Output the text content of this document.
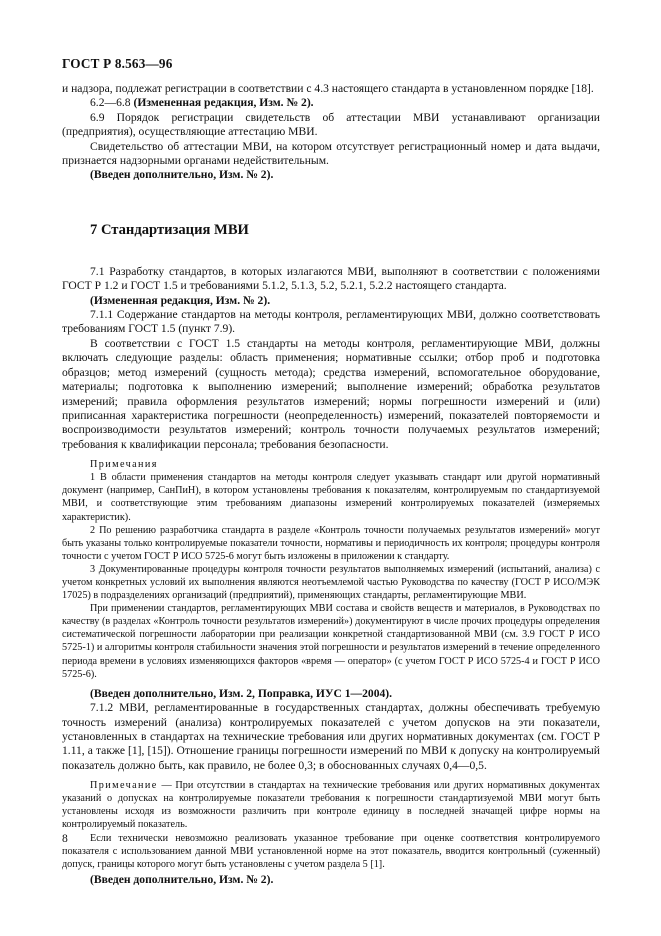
ГОСТ Р 8.563—96

и надзора, подлежат регистрации в соответствии с 4.3 настоящего стандарта в установленном порядке [18].

6.2—6.8 (Измененная редакция, Изм. № 2).

6.9 Порядок регистрации свидетельств об аттестации МВИ устанавливают организации (предприятия), осуществляющие аттестацию МВИ.

Свидетельство об аттестации МВИ, на котором отсутствует регистрационный номер и дата выдачи, признается надзорными органами недействительным.

(Введен дополнительно, Изм. № 2).

7 Стандартизация МВИ

7.1 Разработку стандартов, в которых излагаются МВИ, выполняют в соответствии с положениями ГОСТ Р 1.2 и ГОСТ 1.5 и требованиями 5.1.2, 5.1.3, 5.2, 5.2.1, 5.2.2 настоящего стандарта.

(Измененная редакция, Изм. № 2).

7.1.1 Содержание стандартов на методы контроля, регламентирующих МВИ, должно соответствовать требованиям ГОСТ 1.5 (пункт 7.9).

В соответствии с ГОСТ 1.5 стандарты на методы контроля, регламентирующие МВИ, должны включать следующие разделы: область применения; нормативные ссылки; отбор проб и подготовка образцов; метод измерений (сущность метода); средства измерений, вспомогательное оборудование, материалы; подготовка к выполнению измерений; выполнение измерений; обработка результатов измерений; правила оформления результатов измерений; нормы погрешности измерений и (или) приписанная характеристика погрешности (неопределенность) измерений, показателей повторяемости и воспроизводимости результатов измерений; контроль точности получаемых результатов измерений; требования к квалификации персонала; требования безопасности.

Примечания

1 В области применения стандартов на методы контроля следует указывать стандарт или другой нормативный документ (например, СанПиН), в котором установлены требования к показателям, контролируемым по стандартизуемой МВИ, и соответствующие этим требованиям диапазоны измерений контролируемых показателей (измеряемых характеристик).

2 По решению разработчика стандарта в разделе «Контроль точности получаемых результатов измерений» могут быть указаны только контролируемые показатели точности, нормативы и периодичность их контроля; процедуры контроля точности с учетом ГОСТ Р ИСО 5725-6 могут быть изложены в приложении к стандарту.

3 Документированные процедуры контроля точности результатов выполняемых измерений (испытаний, анализа) с учетом конкретных условий их выполнения являются неотъемлемой частью Руководства по качеству (ГОСТ Р ИСО/МЭК 17025) в подразделениях организаций (предприятий), применяющих стандарты, регламентирующие МВИ.

При применении стандартов, регламентирующих МВИ состава и свойств веществ и материалов, в Руководствах по качеству (в разделах «Контроль точности результатов измерений») документируют в числе прочих процедуры определения систематической погрешности лаборатории при реализации конкретной стандартизованной МВИ (см. 3.9 ГОСТ Р ИСО 5725-1) и алгоритмы контроля стабильности значения этой погрешности и результатов измерений в течение определенного периода времени в условиях изменяющихся факторов «время — оператор» (с учетом ГОСТ Р ИСО 5725-4 и ГОСТ Р ИСО 5725-6).

(Введен дополнительно, Изм. 2, Поправка, ИУС 1—2004).

7.1.2 МВИ, регламентированные в государственных стандартах, должны обеспечивать требуемую точность измерений (анализа) контролируемых показателей с учетом допусков на эти показатели, установленных в стандартах на технические требования или других нормативных документах (см. ГОСТ Р 1.11, а также [1], [15]). Отношение границы погрешности измерений по МВИ к допуску на контролируемый показатель должно быть, как правило, не более 0,3; в обоснованных случаях 0,4—0,5.

Примечание — При отсутствии в стандартах на технические требования или других нормативных документах указаний о допусках на контролируемые показатели требования к погрешности стандартизуемой МВИ могут быть установлены исходя из возможности различить при контроле единицу в последней значащей цифре нормы на контролируемый показатель.

Если технически невозможно реализовать указанное требование при оценке соответствия контролируемого показателя с использованием данной МВИ установленной норме на этот показатель, вводится контрольный (суженный) допуск, границы которого могут быть установлены с учетом раздела 5 [1].

(Введен дополнительно, Изм. № 2).

8
